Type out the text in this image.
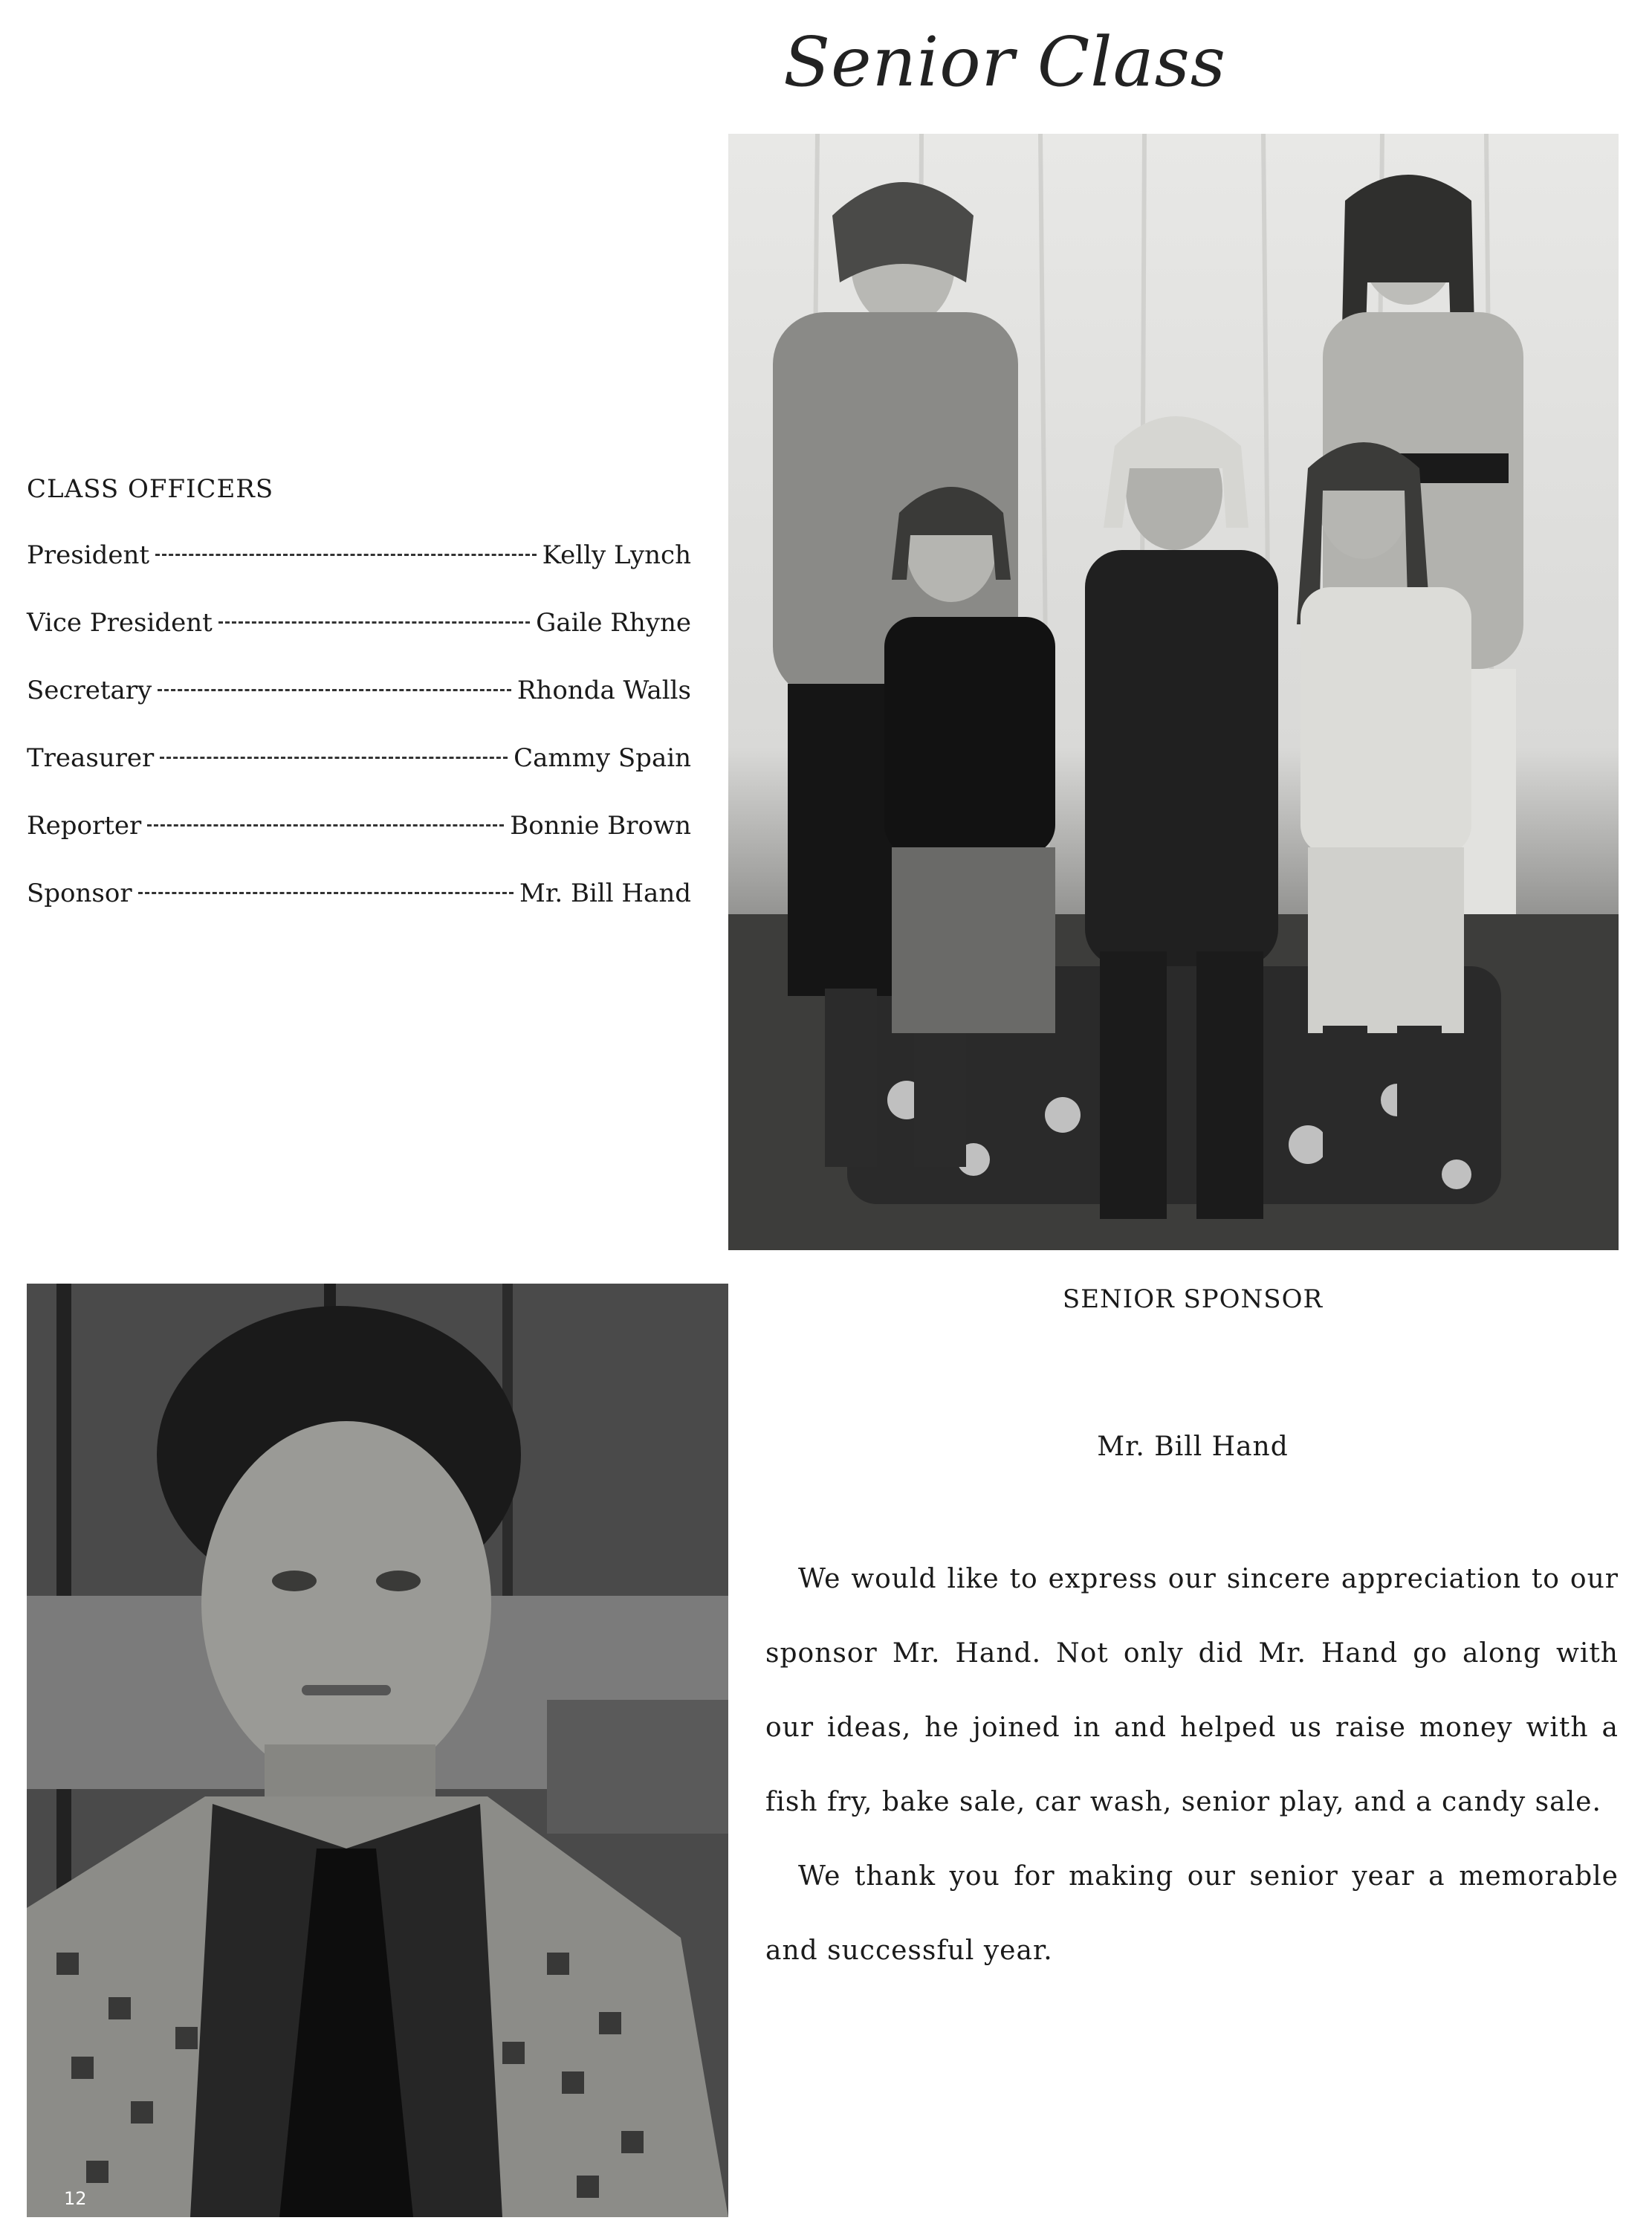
Senior Class
CLASS OFFICERS
President	Kelly Lynch
Vice President	Gaile Rhyne
Secretary	Rhonda Walls
Treasurer	Cammy Spain
Reporter	Bonnie Brown
Sponsor	Mr. Bill Hand
12
SENIOR SPONSOR
Mr. Bill Hand

We would like to express our sincere appreciation to our sponsor Mr. Hand. Not only did Mr. Hand go along with our ideas, he joined in and helped us raise money with a fish fry, bake sale, car wash, senior play, and a candy sale.

We thank you for making our senior year a memorable and successful year.
